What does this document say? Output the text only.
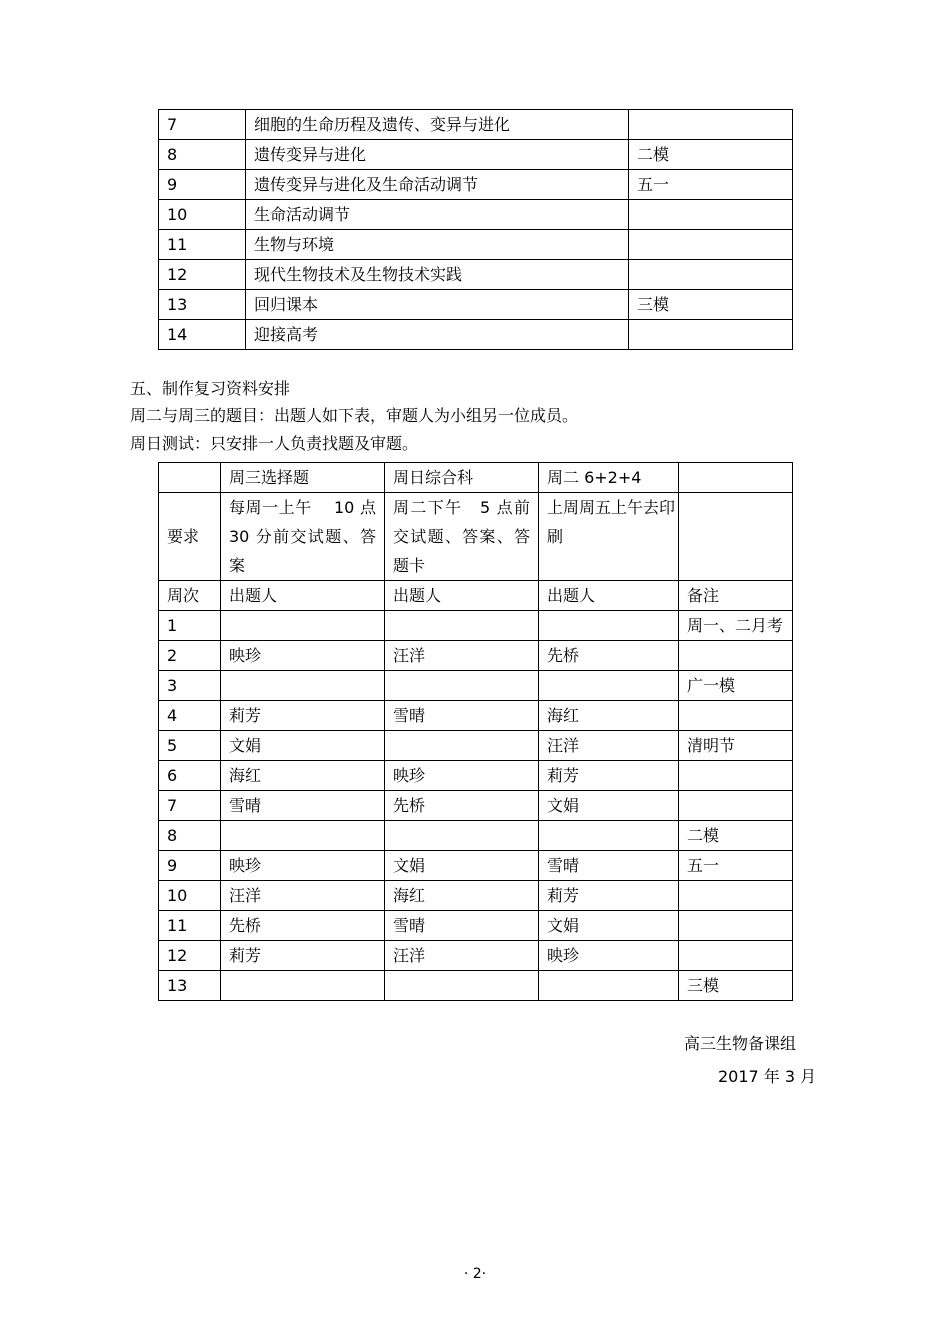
7	细胞的生命历程及遗传、变异与进化	
8	遗传变异与进化	二模
9	遗传变异与进化及生命活动调节	五一
10	生命活动调节	
11	生物与环境	
12	现代生物技术及生物技术实践	
13	回归课本	三模
14	迎接高考	
五、制作复习资料安排
周二与周三的题目：出题人如下表，审题人为小组另一位成员。
周日测试：只安排一人负责找题及审题。
	周三选择题	周日综合科	周二 6+2+4	
要求	每周一上午　 10 点 30 分前交试题、答案	周二下午　5 点前交试题、答案、答题卡	上周周五上午去印刷	
周次	出题人	出题人	出题人	备注
1				周一、二月考
2	映珍	汪洋	先桥	
3				广一模
4	莉芳	雪晴	海红	
5	文娟		汪洋	清明节
6	海红	映珍	莉芳	
7	雪晴	先桥	文娟	
8				二模
9	映珍	文娟	雪晴	五一
10	汪洋	海红	莉芳	
11	先桥	雪晴	文娟	
12	莉芳	汪洋	映珍	
13				三模
高三生物备课组
2017 年 3 月
· 2·
